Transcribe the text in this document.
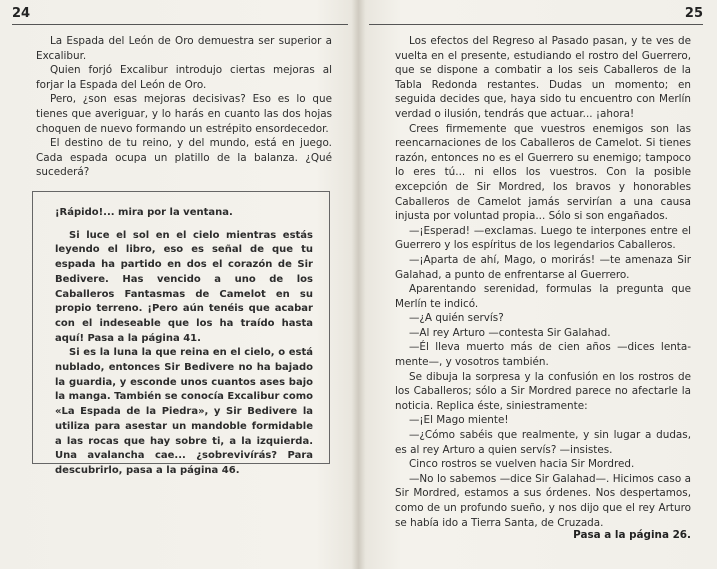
24

La Espada del León de Oro demuestra ser superior a Excalibur.

Quien forjó Excalibur introdujo ciertas mejoras al forjar la Espada del León de Oro.

Pero, ¿son esas mejoras decisivas? Eso es lo que tienes que averiguar, y lo harás en cuanto las dos hojas choquen de nuevo formando un estrépito ensordecedor.

El destino de tu reino, y del mundo, está en juego. Cada espada ocupa un platillo de la balanza. ¿Qué sucederá?

¡Rápido!... mira por la ventana.

Si luce el sol en el cielo mientras estás leyendo el libro, eso es señal de que tu espada ha partido en dos el corazón de Sir Bedivere. Has vencido a uno de los Caballeros Fantasmas de Camelot en su propio terreno. ¡Pero aún tenéis que acabar con el indeseable que los ha traído hasta aquí! Pasa a la página 41.

Si es la luna la que reina en el cielo, o está nublado, entonces Sir Bedivere no ha bajado la guardia, y esconde unos cuantos ases bajo la manga. También se conocía Excalibur como «La Espada de la Piedra», y Sir Bedivere la utiliza para asestar un mandoble formidable a las rocas que hay sobre ti, a la izquierda. Una avalancha cae... ¿sobrevivírás? Para descubrirlo, pasa a la página 46.

25

Los efectos del Regreso al Pasado pasan, y te ves de vuelta en el presente, estudiando el rostro del Guerrero, que se dispone a combatir a los seis Caballeros de la Tabla Redonda restantes. Dudas un momento; en seguida decides que, haya sido tu encuentro con Merlín verdad o ilusión, tendrás que actuar... ¡ahora!

Crees firmemente que vuestros enemigos son las reencarnaciones de los Caballeros de Camelot. Si tienes razón, entonces no es el Guerrero su enemigo; tampoco lo eres tú... ni ellos los vuestros. Con la posible excepción de Sir Mordred, los bravos y honorables Caballeros de Camelot jamás servirían a una causa injusta por voluntad propia... Sólo si son engañados.

—¡Esperad! —exclamas. Luego te interpones entre el Guerrero y los espíritus de los legendarios Caballeros.

—¡Aparta de ahí, Mago, o morirás! —te amenaza Sir Galahad, a punto de enfrentarse al Guerrero.

Aparentando serenidad, formulas la pregunta que Merlín te indicó.

—¿A quién servís?

—Al rey Arturo —contesta Sir Galahad.

—Él lleva muerto más de cien años —dices lentamente—, y vosotros también.

Se dibuja la sorpresa y la confusión en los rostros de los Caballeros; sólo a Sir Mordred parece no afectarle la noticia. Replica éste, siniestramente:

—¡El Mago miente!

—¿Cómo sabéis que realmente, y sin lugar a dudas, es al rey Arturo a quien servís? —insistes.

Cinco rostros se vuelven hacia Sir Mordred.

—No lo sabemos —dice Sir Galahad—. Hicimos caso a Sir Mordred, estamos a sus órdenes. Nos despertamos, como de un profundo sueño, y nos dijo que el rey Arturo se había ido a Tierra Santa, de Cruzada.

Pasa a la página 26.
